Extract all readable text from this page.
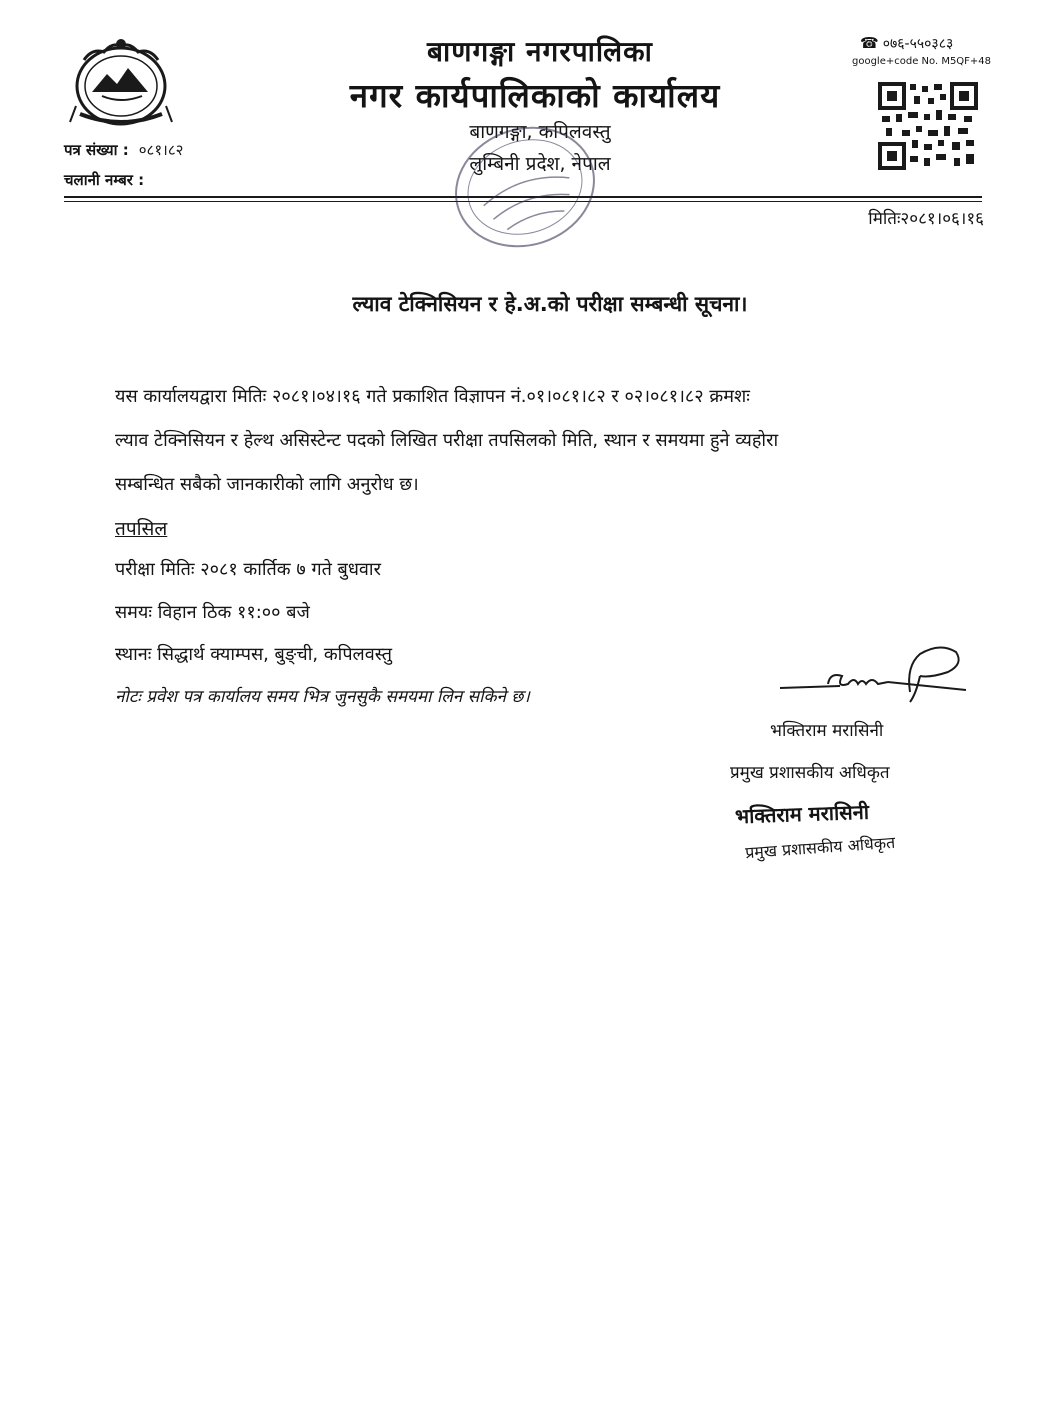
बाणगङ्गा नगरपालिका
नगर कार्यपालिकाको कार्यालय
बाणगङ्गा, कपिलवस्तु
लुम्बिनी प्रदेश, नेपाल
☎ ०७६-५५०३८३
google+code No. M5QF+48
पत्र संख्या : ०८१।८२
चलानी नम्बर :
मितिः२०८१।०६।१६
ल्याव टेक्निसियन र हे.अ.को परीक्षा सम्बन्धी सूचना।
यस कार्यालयद्वारा मितिः २०८१।०४।१६ गते प्रकाशित विज्ञापन नं.०१।०८१।८२ र ०२।०८१।८२ क्रमशः
ल्याव टेक्निसियन र हेल्थ असिस्टेन्ट पदको लिखित परीक्षा तपसिलको मिति, स्थान र समयमा हुने व्यहोरा
सम्बन्धित सबैको जानकारीको लागि अनुरोध छ।
तपसिल
परीक्षा मितिः २०८१ कार्तिक ७ गते बुधवार
समयः विहान ठिक ११:०० बजे
स्थानः सिद्धार्थ क्याम्पस, बुङ्ची, कपिलवस्तु
नोटः प्रवेश पत्र कार्यालय समय भित्र जुनसुकै समयमा लिन सकिने छ।
भक्तिराम मरासिनी
प्रमुख प्रशासकीय अधिकृत
भक्तिराम मरासिनी
प्रमुख प्रशासकीय अधिकृत
